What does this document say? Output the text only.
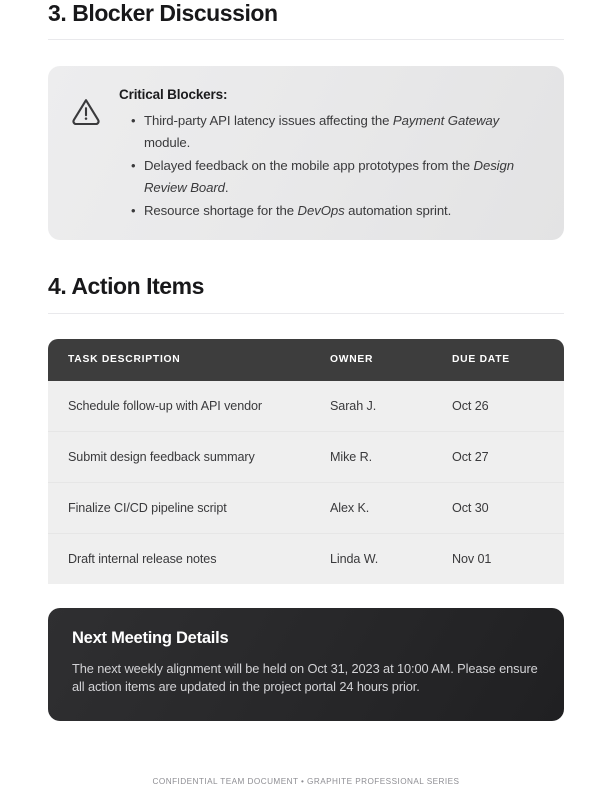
3. Blocker Discussion
Critical Blockers:
• Third-party API latency issues affecting the Payment Gateway module.
• Delayed feedback on the mobile app prototypes from the Design Review Board.
• Resource shortage for the DevOps automation sprint.
4. Action Items
TASK DESCRIPTION	OWNER	DUE DATE
Schedule follow-up with API vendor	Sarah J.	Oct 26
Submit design feedback summary	Mike R.	Oct 27
Finalize CI/CD pipeline script	Alex K.	Oct 30
Draft internal release notes	Linda W.	Nov 01
Next Meeting Details
The next weekly alignment will be held on Oct 31, 2023 at 10:00 AM. Please ensure all action items are updated in the project portal 24 hours prior.
CONFIDENTIAL TEAM DOCUMENT • GRAPHITE PROFESSIONAL SERIES
